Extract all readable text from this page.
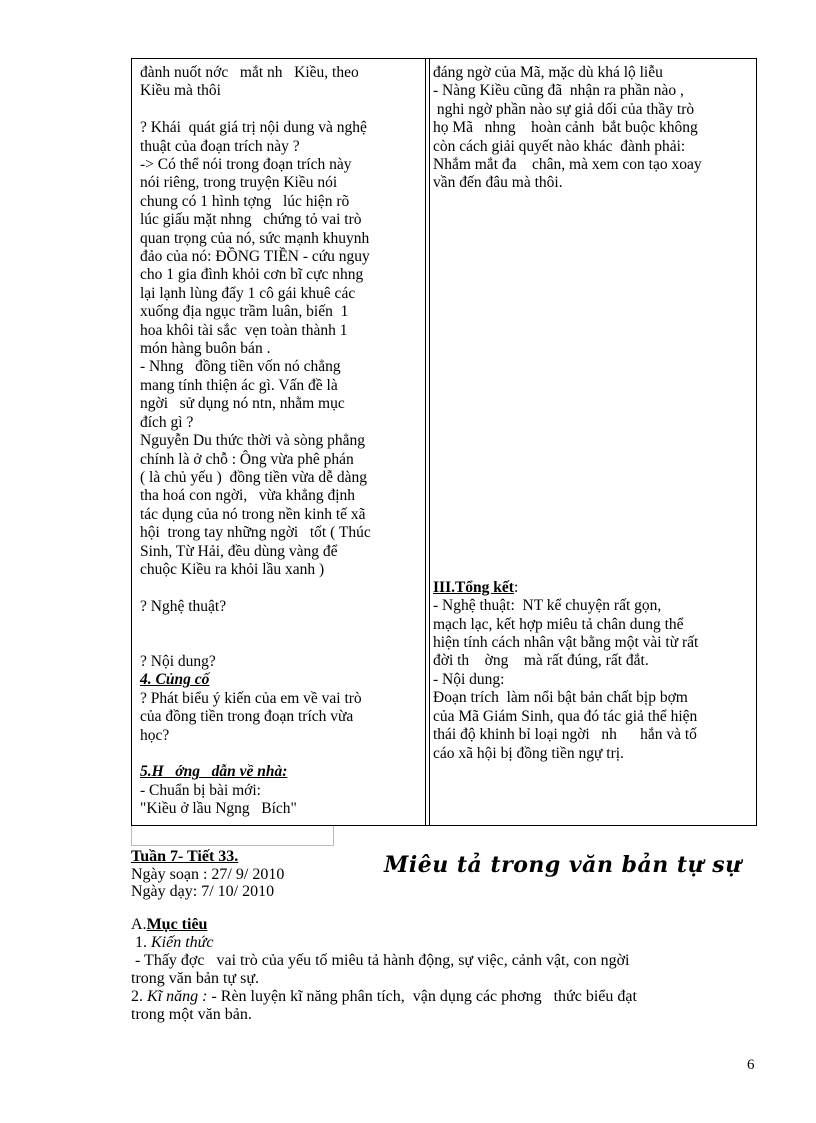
đành nuốt nớc   mắt nh   Kiều, theo
Kiều mà thôi
? Khái  quát giá trị nội dung và nghệ
thuật của đoạn trích này ?
-> Có thể nói trong đoạn trích này
nói riêng, trong truyện Kiều nói
chung có 1 hình tợng   lúc hiện rõ
lúc giấu mặt nhng   chứng tỏ vai trò
quan trọng của nó, sức mạnh khuynh
đảo của nó: ĐỒNG TIỀN - cứu nguy
cho 1 gia đình khỏi cơn bĩ cực nhng
lại lạnh lùng đẩy 1 cô gái khuê các
xuống địa ngục trầm luân, biến  1
hoa khôi tài sắc  vẹn toàn thành 1
món hàng buôn bán .
- Nhng   đồng tiền vốn nó chẳng
mang tính thiện ác gì. Vấn đề là
ngời   sử dụng nó ntn, nhằm mục
đích gì ?
Nguyễn Du thức thời và sòng phẳng
chính là ở chỗ : Ông vừa phê phán
( là chủ yếu )  đồng tiền vừa dễ dàng
tha hoá con ngời,   vừa khẳng định
tác dụng của nó trong nền kinh tế xã
hội  trong tay những ngời   tốt ( Thúc
Sinh, Từ Hải, đều dùng vàng để
chuộc Kiều ra khỏi lầu xanh )
? Nghệ thuật?
? Nội dung?
4. Củng cố
? Phát biểu ý kiến của em về vai trò
của đồng tiền trong đoạn trích vừa
học?
5.H   ớng   dẫn về nhà:
- Chuẩn bị bài mới:
"Kiều ở lầu Ngng   Bích"
đáng ngờ của Mã, mặc dù khá lộ liễu
- Nàng Kiều cũng đã  nhận ra phần nào ,
nghi ngờ phần nào sự giả dối của thầy trò
họ Mã   nhng    hoàn cảnh  bắt buộc không
còn cách giải quyết nào khác  đành phải:
Nhắm mắt đa    chân, mà xem con tạo xoay
vần đến đâu mà thôi.
III.Tổng kết:
- Nghệ thuật:  NT kể chuyện rất gọn,
mạch lạc, kết hợp miêu tả chân dung thể
hiện tính cách nhân vật bằng một vài từ rất
đời th    ờng    mà rất đúng, rất đắt.
- Nội dung:
Đoạn trích  làm nổi bật bản chất bịp bợm
của Mã Giám Sinh, qua đó tác giả thể hiện
thái độ khinh bỉ loại ngời   nh      hắn và tố
cáo xã hội bị đồng tiền ngự trị.
Tuần 7- Tiết 33.
Ngày soạn : 27/ 9/ 2010
Ngày dạy: 7/ 10/ 2010
Miêu tả trong văn bản tự sự
A.Mục tiêu
1. Kiến thức
- Thấy đợc   vai trò của yếu tố miêu tả hành động, sự việc, cảnh vật, con ngời
trong văn bản tự sự.
2. Kĩ năng : - Rèn luyện kĩ năng phân tích,  vận dụng các phơng   thức biểu đạt
trong một văn bản.
6
